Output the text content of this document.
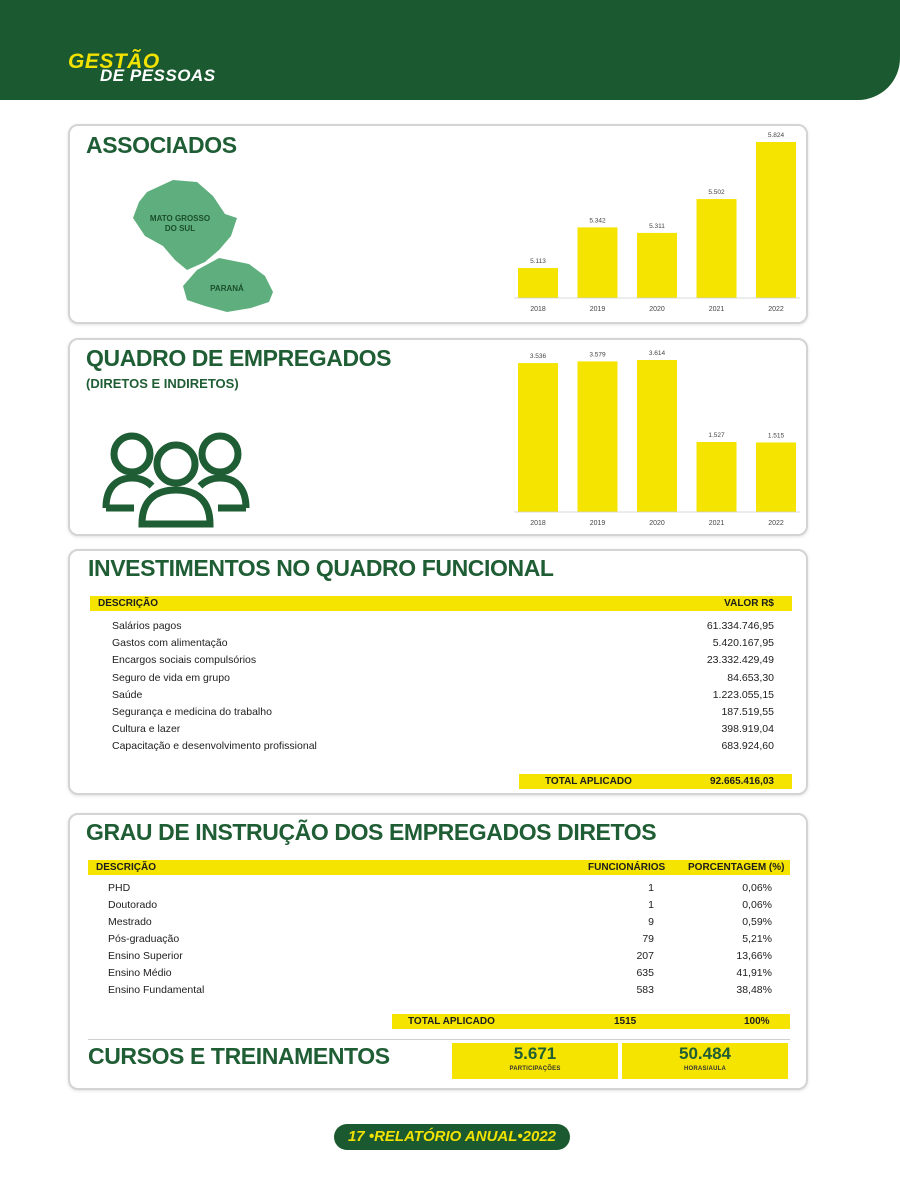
GESTÃO
DE PESSOAS
ASSOCIADOS
MATO GROSSO
DO SUL
PARANÁ
5.113
2018
5.342
2019
5.311
2020
5.502
2021
5.824
2022
QUADRO DE EMPREGADOS
(DIRETOS E INDIRETOS)
3.536
2018
3.579
2019
3.614
2020
1.527
2021
1.515
2022
INVESTIMENTOS NO QUADRO FUNCIONAL
DESCRIÇÃO	VALOR R$
Salários pagos	61.334.746,95
Gastos com alimentação	5.420.167,95
Encargos sociais compulsórios	23.332.429,49
Seguro de vida em grupo	84.653,30
Saúde	1.223.055,15
Segurança e medicina do trabalho	187.519,55
Cultura e lazer	398.919,04
Capacitação e desenvolvimento profissional	683.924,60
TOTAL APLICADO	92.665.416,03
GRAU DE INSTRUÇÃO DOS EMPREGADOS DIRETOS
DESCRIÇÃO	FUNCIONÁRIOS PORCENTAGEM (%)
PHD	1	0,06%
Doutorado	1	0,06%
Mestrado	9	0,59%
Pós-graduação	79	5,21%
Ensino Superior	207	13,66%
Ensino Médio	635	41,91%
Ensino Fundamental	583	38,48%
TOTAL APLICADO	1515	100%
CURSOS E TREINAMENTOS	5.671
PARTICIPAÇÕES
50.484
HORAS/AULA
17 •RELATÓRIO ANUAL•2022
